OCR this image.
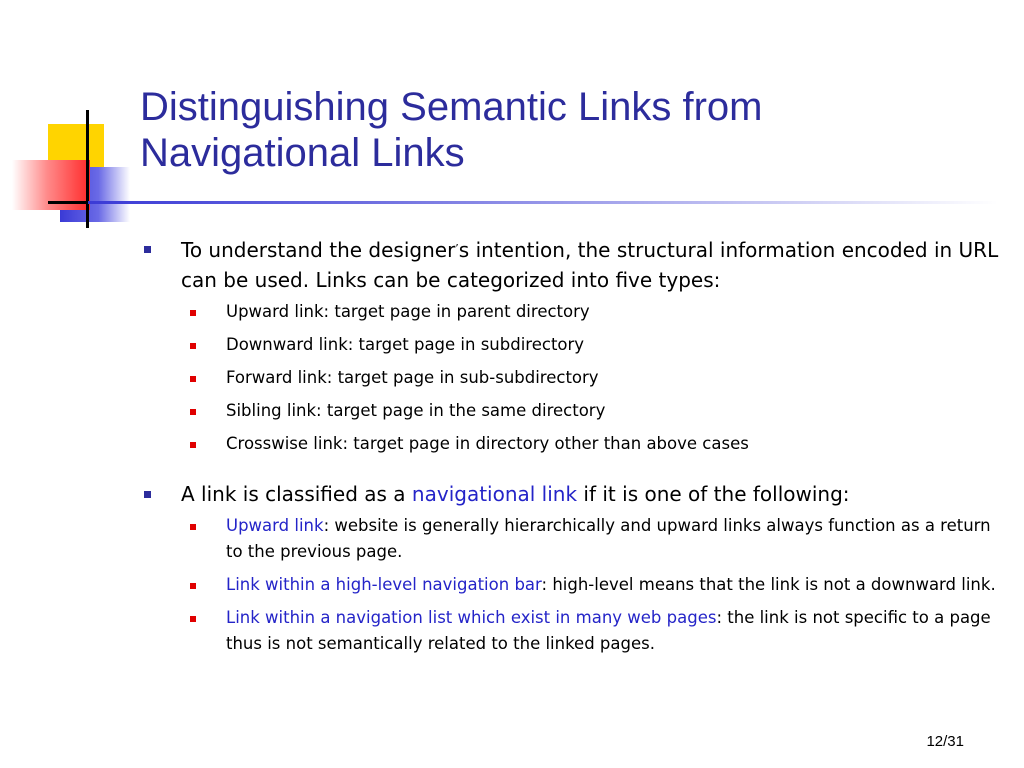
Distinguishing Semantic Links from
Navigational Links
To understand the designer’s intention, the structural information encoded in URL can be used. Links can be categorized into five types:
Upward link: target page in parent directory
Downward link: target page in subdirectory
Forward link: target page in sub-subdirectory
Sibling link: target page in the same directory
Crosswise link: target page in directory other than above cases
A link is classified as a navigational link if it is one of the following:
Upward link: website is generally hierarchically and upward links always function as a return to the previous page.
Link within a high-level navigation bar: high-level means that the link is not a downward link.
Link within a navigation list which exist in many web pages: the link is not specific to a page thus is not semantically related to the linked pages.
12/31
